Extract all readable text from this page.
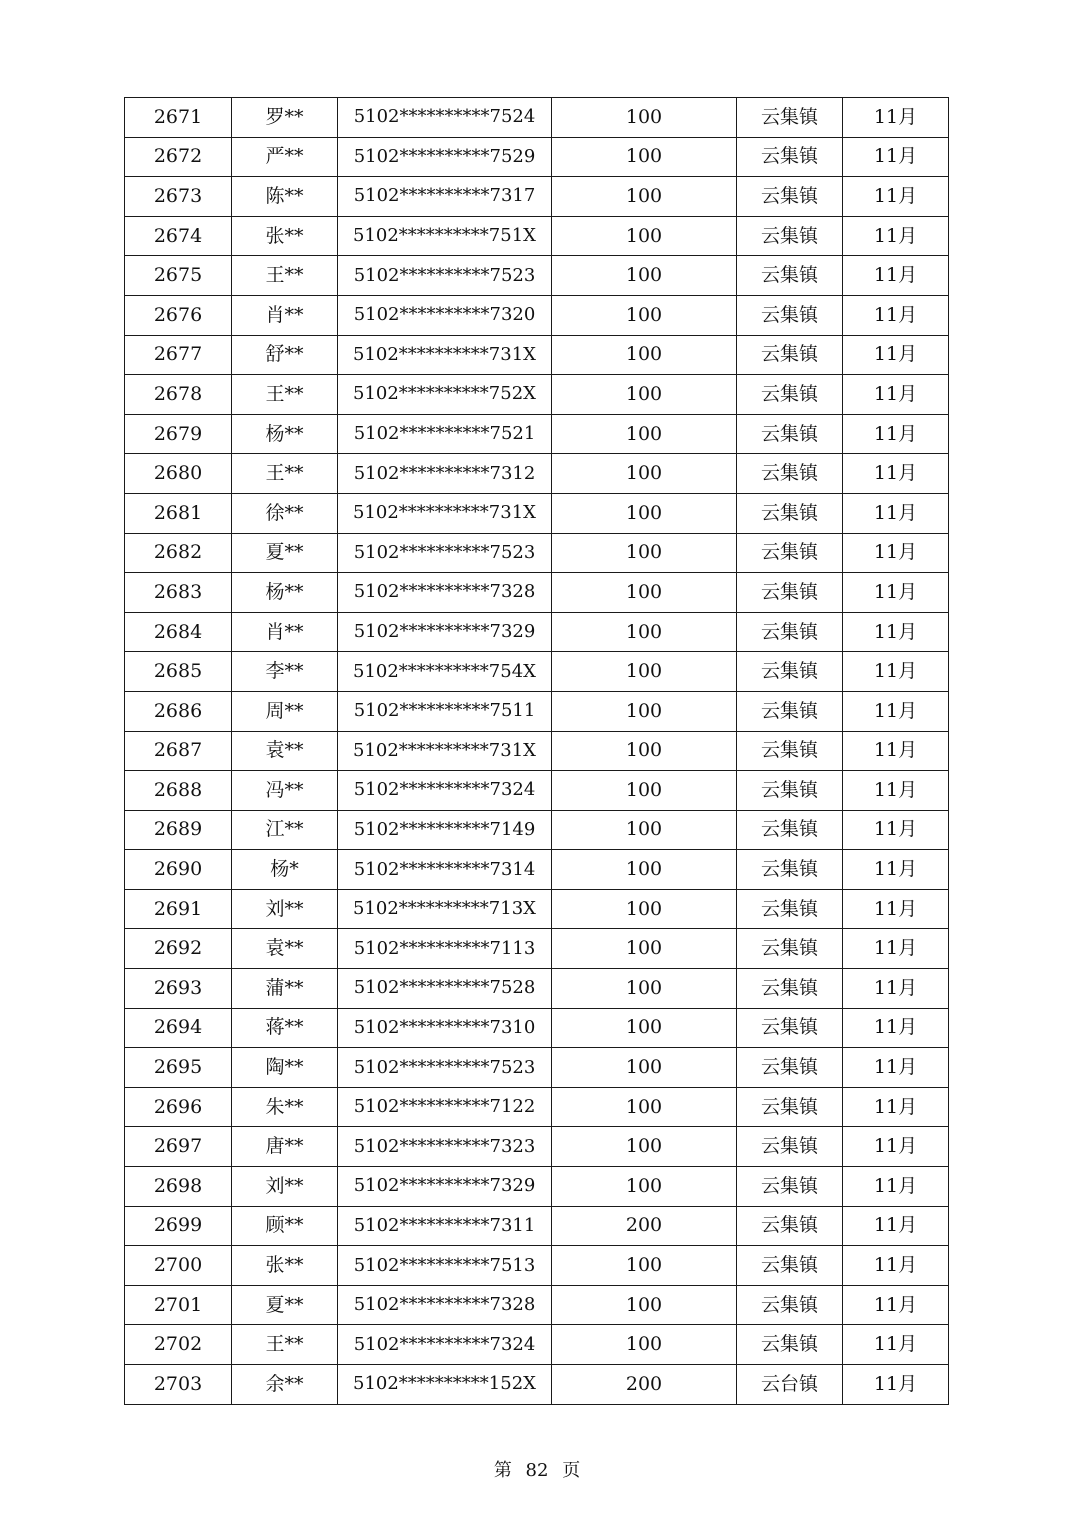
2671	罗**	5102**********7524	100	云集镇	11月
2672	严**	5102**********7529	100	云集镇	11月
2673	陈**	5102**********7317	100	云集镇	11月
2674	张**	5102**********751X	100	云集镇	11月
2675	王**	5102**********7523	100	云集镇	11月
2676	肖**	5102**********7320	100	云集镇	11月
2677	舒**	5102**********731X	100	云集镇	11月
2678	王**	5102**********752X	100	云集镇	11月
2679	杨**	5102**********7521	100	云集镇	11月
2680	王**	5102**********7312	100	云集镇	11月
2681	徐**	5102**********731X	100	云集镇	11月
2682	夏**	5102**********7523	100	云集镇	11月
2683	杨**	5102**********7328	100	云集镇	11月
2684	肖**	5102**********7329	100	云集镇	11月
2685	李**	5102**********754X	100	云集镇	11月
2686	周**	5102**********7511	100	云集镇	11月
2687	袁**	5102**********731X	100	云集镇	11月
2688	冯**	5102**********7324	100	云集镇	11月
2689	江**	5102**********7149	100	云集镇	11月
2690	杨*	5102**********7314	100	云集镇	11月
2691	刘**	5102**********713X	100	云集镇	11月
2692	袁**	5102**********7113	100	云集镇	11月
2693	蒲**	5102**********7528	100	云集镇	11月
2694	蒋**	5102**********7310	100	云集镇	11月
2695	陶**	5102**********7523	100	云集镇	11月
2696	朱**	5102**********7122	100	云集镇	11月
2697	唐**	5102**********7323	100	云集镇	11月
2698	刘**	5102**********7329	100	云集镇	11月
2699	顾**	5102**********7311	200	云集镇	11月
2700	张**	5102**********7513	100	云集镇	11月
2701	夏**	5102**********7328	100	云集镇	11月
2702	王**	5102**********7324	100	云集镇	11月
2703	余**	5102**********152X	200	云台镇	11月
第 82 页
